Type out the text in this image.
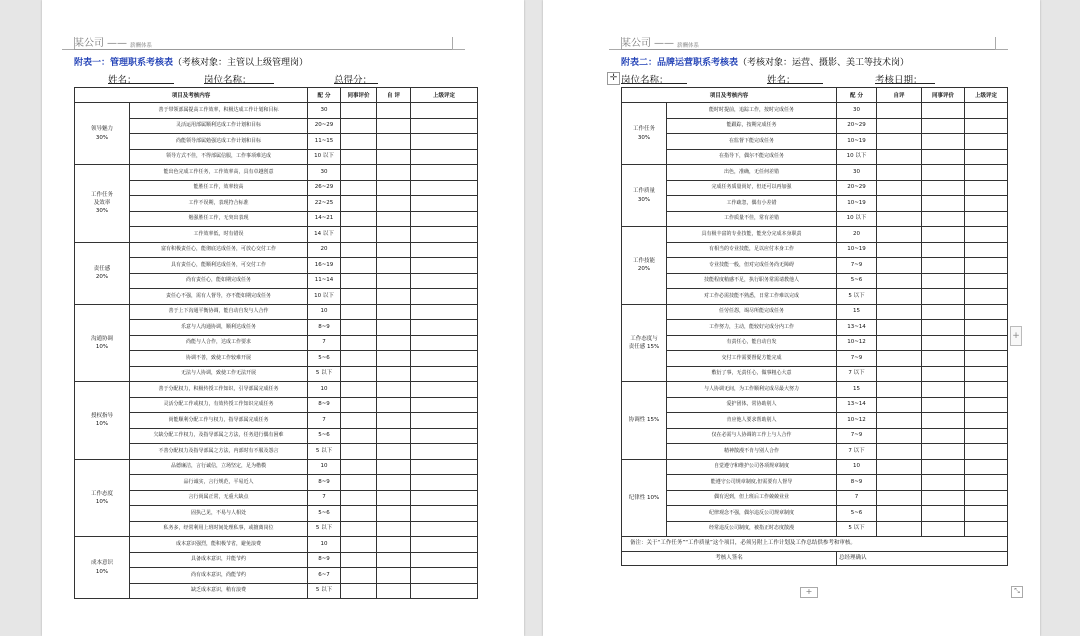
某公司 —— 薪酬体系
附表一：管理职系考核表（考核对象：主管以上级管理岗）
姓名：
	岗位名称：
	总得分：

项目及考核内容		配 分	同事评价	自 评	上级评定
领导魅力
30%	善于带领部属提高工作效率，积极达成工作计划和目标	30			
	灵活运用部属顺利达成工作计划和目标	20~29			
	尚能领导部属勉强达成工作计划和目标	11~15			
	领导方式不佳，不得部属信服，工作事项难达成	10 以下			
工作任务
及效率
30%	能出色完成工作任务，工作效率高，具有卓越创意	30			
	能胜任工作，效率较高	26~29			
	工作不误期，表现符合标准	22~25			
	勉强胜任工作，无突出表现	14~21			
	工作效率低，时有错误	14 以下			
责任感
20%	富有积极责任心，能彻底达成任务，可放心交付工作	20			
	具有责任心，能顺利达成任务，可交付工作	16~19			
	尚有责任心，能如期完成任务	11~14			
	责任心不强，需有人督导，亦不能如期完成任务	10 以下			
沟通协调
10%	善于上下沟通平衡协调，能自动自发与人合作	10			
	乐意与人沟通协调，顺利达成任务	8~9			
	尚能与人合作，达成工作要求	7			
	协调不善，致使工作较难开展	5~6			
	无法与人协调，致使工作无法开展	5 以下			
授权指导
10%	善于分配权力，积极传授工作知识，引导部属完成任务	10			
	灵活分配工作或权力，有效传授工作知识完成任务	8~9			
	尚能顺利分配工作与权力，指导部属完成任务	7			
	欠缺分配工作权力，及指导部属之方法，任务进行偶有困难	5~6			
	不善分配权力及指导部属之方法，内部时有不服及怨言	5 以下			
工作态度
10%	品德廉洁，言行诚信，立场坚定，足为楷模	10			
	品行诚实，言行规范，平易近人	8~9			
	言行尚属正常，无重大缺点	7			
	固执己见，不易与人相处	5~6			
	私务多，经常利用上班时间处理私事，或擅离岗位	5 以下			
成本意识
10%	成本意识强烈，能积极节省，避免浪费	10			
	具备成本意识，并能节约	8~9			
	尚有成本意识，尚能节约	6~7			
	缺乏成本意识，稍有浪费	5 以下			
某公司 —— 薪酬体系
附表二：品牌运营职系考核表（考核对象：运营、摄影、美工等技术岗）
岗位名称：
	姓名：
	考核日期：

项目及考核内容		配 分	自评	同事评价	上级评定
工作任务
30%	能时时提前，追踪工作，按时完成任务	30			
	能跟踪，按期完成任务	20~29			
	在监督下能完成任务	10~19			
	在指导下，偶尔不能完成任务	10 以下			
工作质量
30%	出色，准确，无任何差错	30			
	完成任务质量尚好，但还可以再加强	20~29			
	工作疏忽，偶有小差错	10~19			
	工作质量不佳，常有差错	10 以下			
工作技能
20%	具有极丰富的专业技能，能充分完成本身职责	20			
	有相当的专业技能，足以应付本身工作	10~19			
	专业技能一般，但对完成任务尚无障碍	7~9			
	技能程度稍感不足，执行职务常需请教他人	5~6			
	对工作必需技能不熟悉，日常工作难以完成	5 以下			
工作态度与
责任感 15%	任劳任怨，竭尽所能完成任务	15			
	工作努力，主动，能较好完成分内工作	13~14			
	有责任心，能自动自发	10~12			
	交付工作需要督促方能完成	7~9			
	敷衍了事，无责任心，做事粗心大意	7 以下			
协调性 15%	与人协调无间，为工作顺利完成尽最大努力	15			
	爱护团体，常协助别人	13~14			
	肯应他人要求帮助别人	10~12			
	仅在必需与人协调的工作上与人合作	7~9			
	精神散漫不肯与别人合作	7 以下			
纪律性 10%	自觉遵守和维护公司各项规章制度	10			
	能遵守公司规章制度,但需要有人督导	8~9			
	偶有迟到，但上班后工作兢兢业业	7			
	纪律观念不强，偶尔违反公司规章制度	5~6			
	经常违反公司制度，被指正时态度散漫	5 以下			
备注：关于“工作任务”“工作质量”这个项目，必须另附上工作计划及工作总结供参考和审核。					
考核人签名		总经理确认			
✛
+
⤡
+
